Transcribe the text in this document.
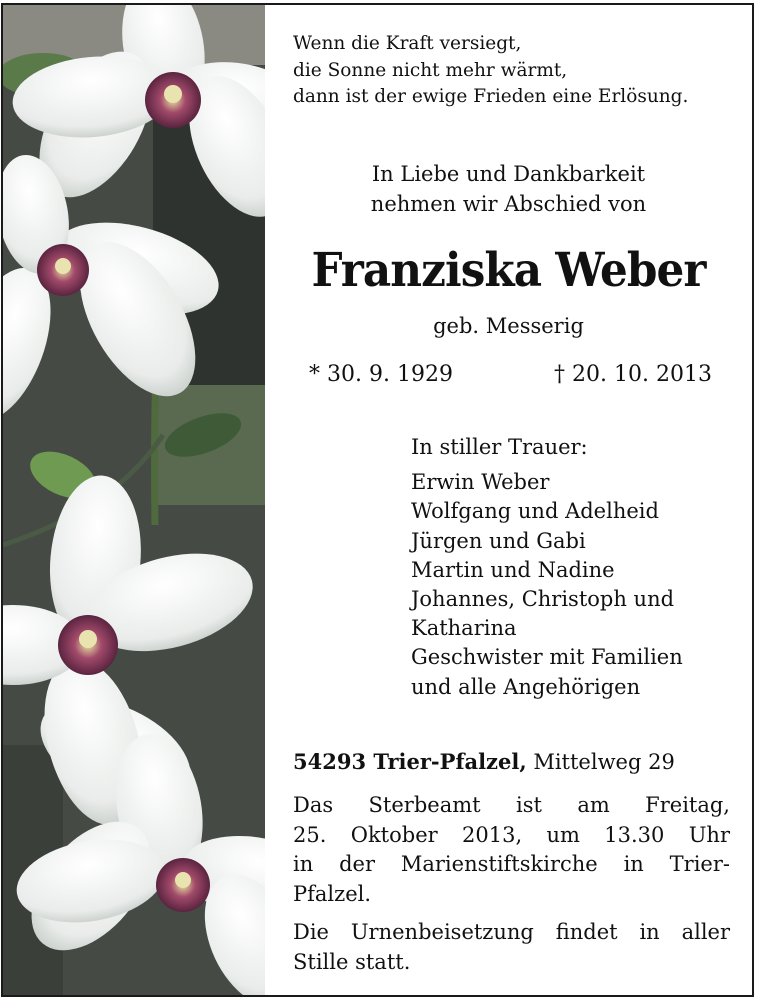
Wenn die Kraft versiegt,
die Sonne nicht mehr wärmt,
dann ist der ewige Frieden eine Erlösung.
In Liebe und Dankbarkeit
nehmen wir Abschied von
Franziska Weber
geb. Messerig
* 30. 9. 1929	† 20. 10. 2013
In stiller Trauer:
Erwin Weber
Wolfgang und Adelheid
Jürgen und Gabi
Martin und Nadine
Johannes, Christoph und
Katharina
Geschwister mit Familien
und alle Angehörigen
54293 Trier-Pfalzel, Mittelweg 29
Das Sterbeamt ist am Freitag,
25. Oktober 2013, um 13.30 Uhr
in der Marienstiftskirche in Trier-
Pfalzel.
Die Urnenbeisetzung findet in aller
Stille statt.
